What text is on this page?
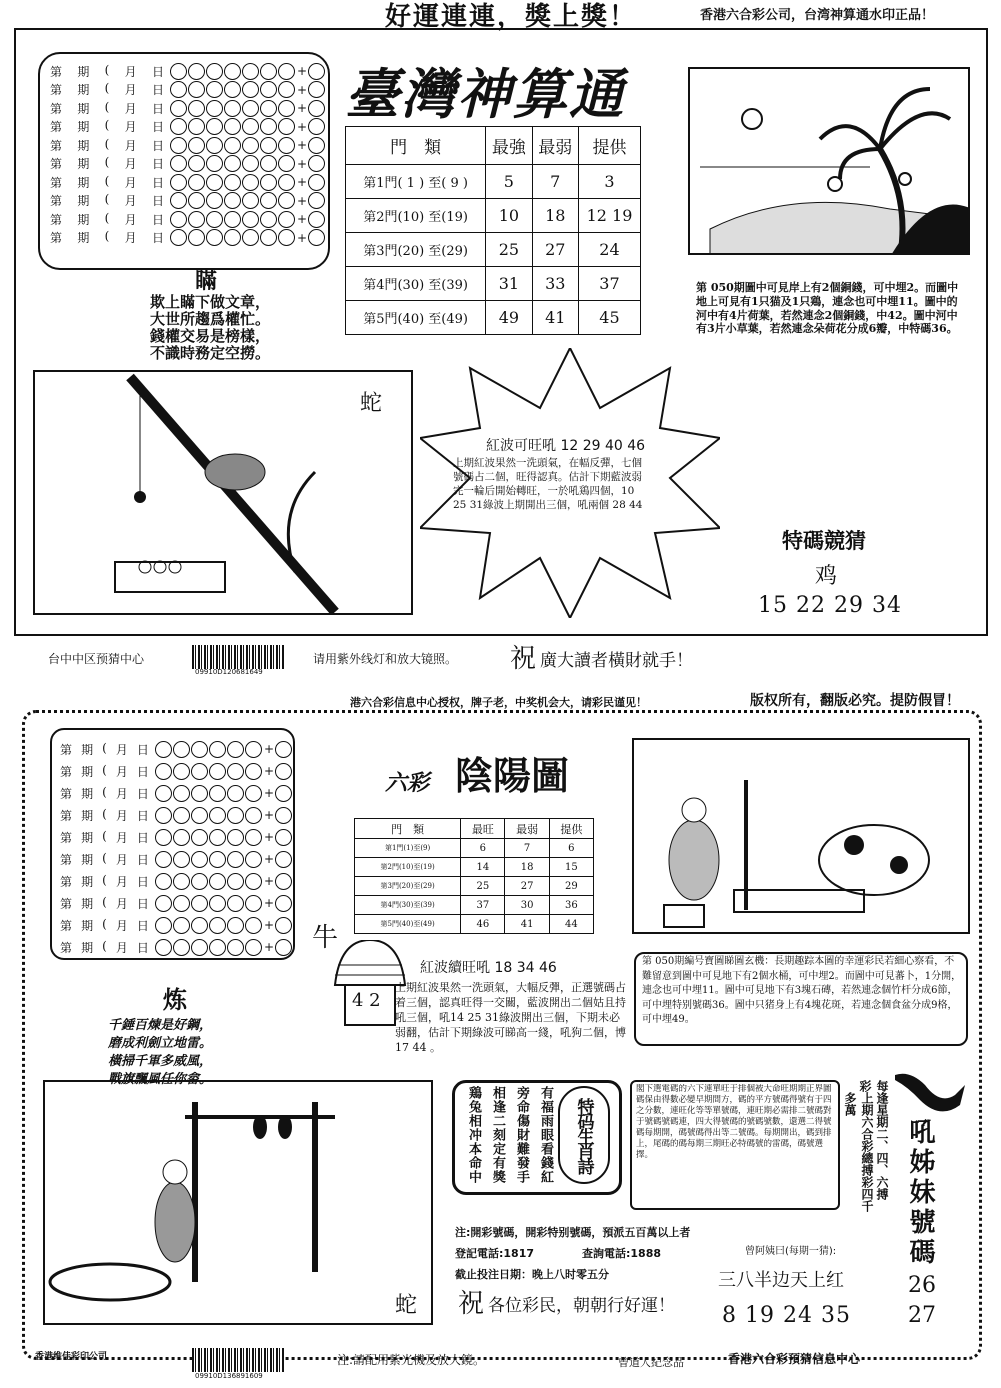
好運連連，獎上獎！	香港六合彩公司，台湾神算通水印正品！
第 期 ( 月 日	+
第 期 ( 月 日	+
第 期 ( 月 日	+
第 期 ( 月 日	+
第 期 ( 月 日	+
第 期 ( 月 日	+
第 期 ( 月 日	+
第 期 ( 月 日	+
第 期 ( 月 日	+
第 期 ( 月 日	+
臺灣神算通
門　類	最強	最弱	提供
第1門( 1 ) 至( 9 )	5	7	3
第2門(10) 至(19)	10	18	12 19
第3門(20) 至(29)	25	27	24
第4門(30) 至(39)	31	33	37
第5門(40) 至(49)	49	41	45
瞞
欺上瞞下做文章，
大世所趨爲權忙。
錢權交易是榜樣，
不識時務定空撈。
第 050期圖中可見岸上有2個銅錢，可中埋2。而圖中地上可見有1只猫及1只鶏，連念也可中埋11。圖中的河中有4片荷葉，若然連念2個銅錢，中42。圖中河中有3片小草葉，若然連念朵荷花分成6瓣，中特碼36。
蛇
紅波可旺吼 12 29 40 46
上期紅波果然一洗頭氣，在幅反彈，七個號碼占二個，旺得認真。估計下期藍波弱完一輪后開始轉旺，一於吼鶏四個，10 25 31綠波上期開出三個，吼兩個 28 44
特碼競猜
鸡
15 22 29 34
台中中区预猜中心
09910D120681649
请用紫外线灯和放大镜照。 祝 廣大讀者橫財就手！
港六合彩信息中心授权，牌子老，中奖机会大，请彩民谨见！	版权所有，翻版必究。提防假冒！
第 期 ( 月 日	+
第 期 ( 月 日	+
第 期 ( 月 日	+
第 期 ( 月 日	+
第 期 ( 月 日	+
第 期 ( 月 日	+
第 期 ( 月 日	+
第 期 ( 月 日	+
第 期 ( 月 日	+
第 期 ( 月 日	+
六彩 陰陽圖
門　類	最旺	最弱	提供
第1門(1)至(9)	6	7	6
第2門(10)至(19)	14	18	15
第3門(20)至(29)	25	27	29
第4門(30)至(39)	37	30	36
第5門(40)至(49)	46	41	44
牛
4 2
紅波續旺吼 18 34 46
上期紅波果然一洗頭氣，大幅反彈，正選號碼占着三個，認真旺得一交關，藍波開出二個姑且持吼三個，吼14 25 31綠波開出三個，下期未必弱翻，估計下期綠波可睇高一綫，吼狗二個，博17 44 。
第 050期編号寶圖睇圖玄機：長期趣踪本圖的幸運彩民若細心察看，不難留意到圖中可見地下有2個水桶，可中埋2。而圖中可見蕃卜，1分開，連念也可中埋11。圖中可見地下有3塊石磚，若然連念個竹杆分成6節，可中埋特别號碼36。圖中只猪身上有4塊花斑，若連念個食盆分成9格，可中埋49。
炼
千錘百煉是好鋼，
磨成利劍立地雷。
橫掃千軍多威風，
戰旗飄風任你畲。
蛇
有福雨眼看錢紅
旁命傷財難發手
相逢二刻定有獎
鶏兔相冲本命中	特码生肖詩
閣下選電碼的六下連單旺于排個被大命旺期期正界圖碼保由得數必變早期間方，碼的平方號碼得號有于四之分數，連旺化等等單號碼，連旺期必需排二號碼對于號碼號碼連，四大得號碼的號碼號數，還選二得號碼每期開，碼號碼得出等二號碼。每期開出，碼到排上，尾碼的碼每期三期旺必特碼號的雷碼，碼號選擇。	每逢星期二、四、六搏彩
上期六合彩總搏彩四千多萬
吼姊妹號碼
26
27
注:開彩號碼，開彩特别號碼，預派五百萬以上者
登記電話:1817	查詢電話:1888
截止投注日期：晚上八时零五分
曾阿姨曰(每期一猜):
三八半边天上红
8 19 24 35
祝 各位彩民，朝朝行好運！
香港维佳彩印公司
09910D136891609
注:請配用紫光機及放大鏡。	曾道人紀念品	香港六合彩預猜信息中心
